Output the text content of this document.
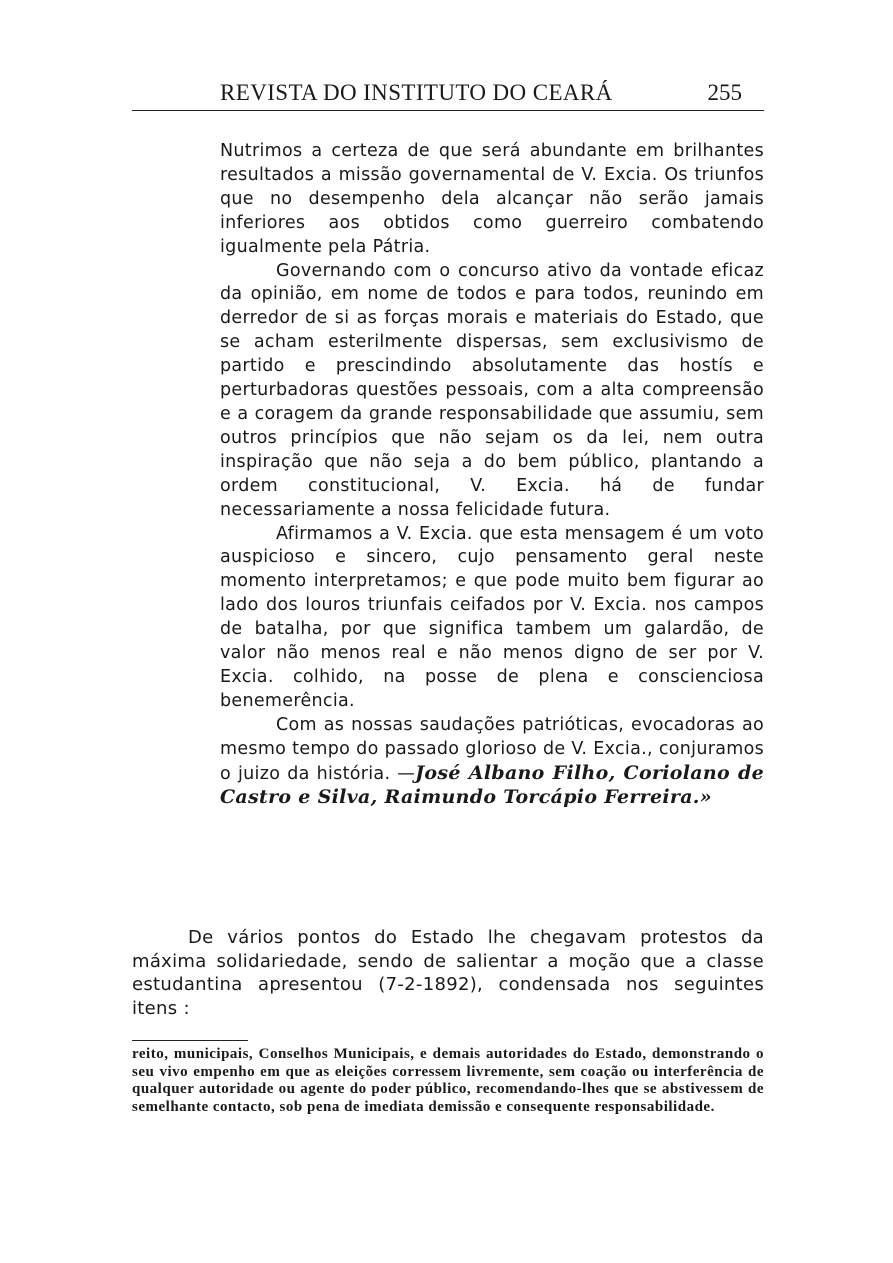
REVISTA DO INSTITUTO DO CEARÁ	255

Nutrimos a certeza de que será abundante em brilhantes resultados a missão governamental de V. Excia. Os triunfos que no desempenho dela alcançar não serão jamais inferiores aos obtidos como guerreiro combatendo igualmente pela Pátria.

Governando com o concurso ativo da vontade eficaz da opinião, em nome de todos e para todos, reunindo em derredor de si as forças morais e materiais do Estado, que se acham esterilmente dispersas, sem exclusivismo de partido e prescindindo absolutamente das hostís e perturbadoras questões pessoais, com a alta compreensão e a coragem da grande responsabilidade que assumiu, sem outros princípios que não sejam os da lei, nem outra inspiração que não seja a do bem público, plantando a ordem constitucional, V. Excia. há de fundar necessariamente a nossa felicidade futura.

Afirmamos a V. Excia. que esta mensagem é um voto auspicioso e sincero, cujo pensamento geral neste momento interpretamos; e que pode muito bem figurar ao lado dos louros triunfais ceifados por V. Excia. nos campos de batalha, por que significa tambem um galardão, de valor não menos real e não menos digno de ser por V. Excia. colhido, na posse de plena e conscienciosa benemerência.

Com as nossas saudações patrióticas, evocadoras ao mesmo tempo do passado glorioso de V. Excia., conjuramos o juizo da história. —José Albano Filho, Coriolano de Castro e Silva, Raimundo Torcápio Ferreira.»

De vários pontos do Estado lhe chegavam protestos da máxima solidariedade, sendo de salientar a moção que a classe estudantina apresentou (7-2-1892), condensada nos seguintes itens :

reito, municipais, Conselhos Municipais, e demais autoridades do Estado, demonstrando o seu vivo empenho em que as eleições corressem livremente, sem coação ou interferência de qualquer autoridade ou agente do poder público, recomendando-lhes que se abstivessem de semelhante contacto, sob pena de imediata demissão e consequente responsabilidade.
